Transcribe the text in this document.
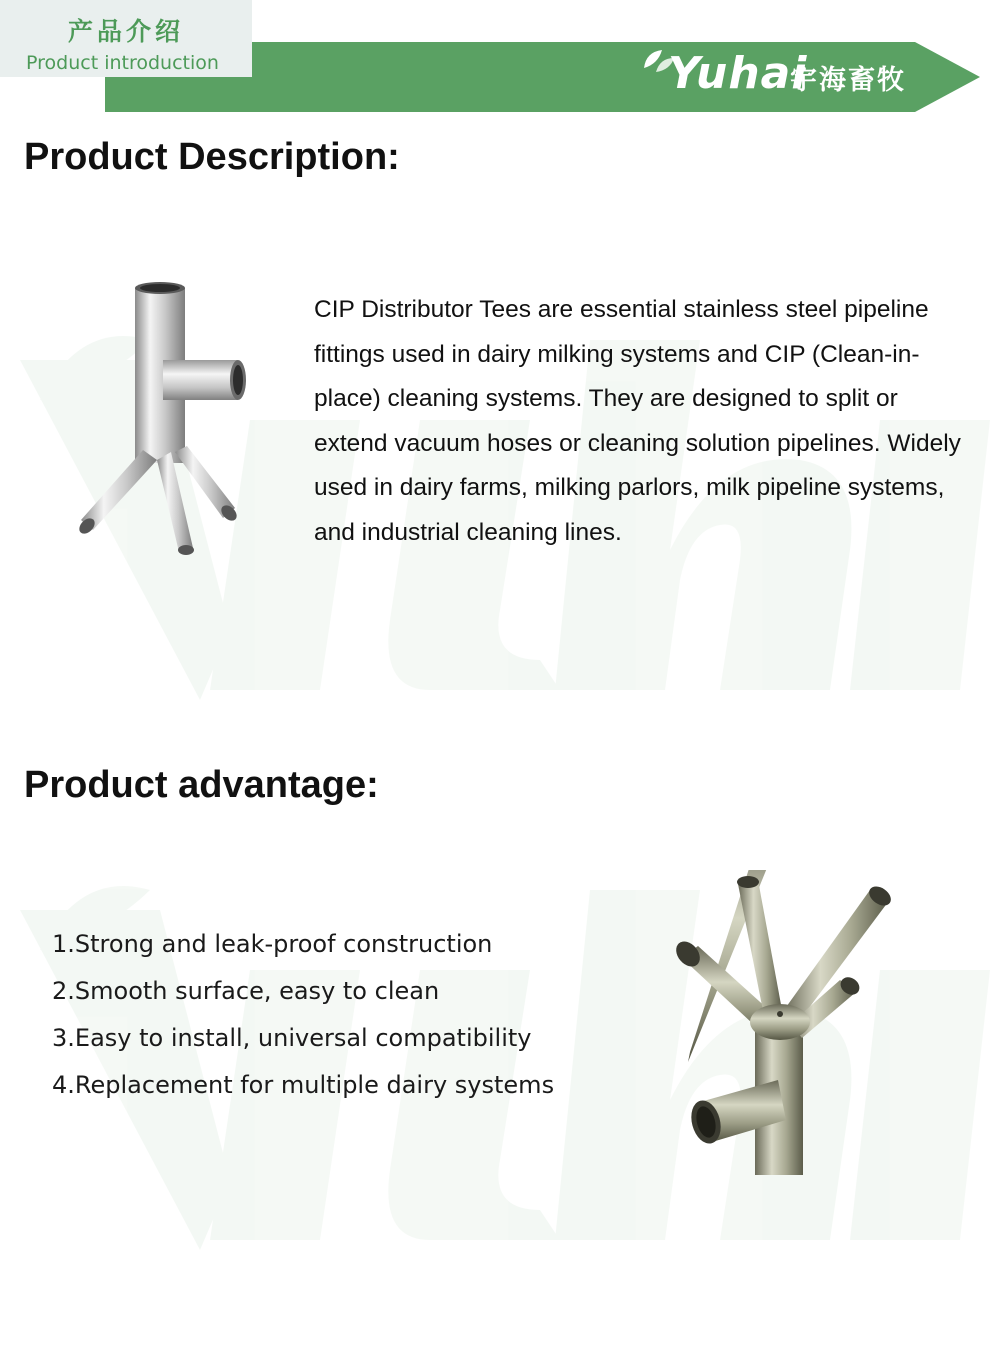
产品介绍
Product introduction	Yuhai
宇海畜牧
Product Description:
CIP Distributor Tees are essential stainless steel pipeline fittings used in dairy milking systems and CIP (Clean-in-place) cleaning systems. They are designed to split or extend vacuum hoses or cleaning solution pipelines. Widely used in dairy farms, milking parlors, milk pipeline systems, and industrial cleaning lines.
Product advantage:
1.Strong and leak-proof construction
2.Smooth surface, easy to clean
3.Easy to install, universal compatibility
4.Replacement for multiple dairy systems
